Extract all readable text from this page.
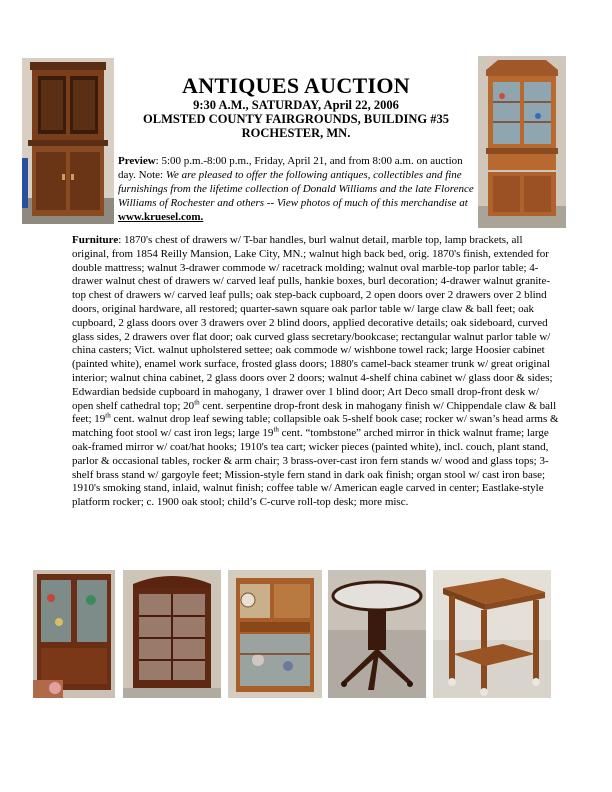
ANTIQUES AUCTION
9:30 A.M., SATURDAY, April 22, 2006
OLMSTED COUNTY FAIRGROUNDS, BUILDING #35
ROCHESTER, MN.
Preview: 5:00 p.m.-8:00 p.m., Friday, April 21, and from 8:00 a.m. on auction day. Note: We are pleased to offer the following antiques, collectibles and fine furnishings from the lifetime collection of Donald Williams and the late Florence Williams of Rochester and others -- View photos of much of this merchandise at www.kruesel.com.
Furniture: 1870's chest of drawers w/ T-bar handles, burl walnut detail, marble top, lamp brackets, all original, from 1854 Reilly Mansion, Lake City, MN.; walnut high back bed, orig. 1870's finish, extended for double mattress; walnut 3-drawer commode w/ racetrack molding; walnut oval marble-top parlor table; 4-drawer walnut chest of drawers w/ carved leaf pulls, hankie boxes, burl decoration; 4-drawer walnut granite-top chest of drawers w/ carved leaf pulls; oak step-back cupboard, 2 open doors over 2 drawers over 2 blind doors, original hardware, all restored; quarter-sawn square oak parlor table w/ large claw & ball feet; oak cupboard, 2 glass doors over 3 drawers over 2 blind doors, applied decorative details; oak sideboard, curved glass sides, 2 drawers over flat door; oak curved glass secretary/bookcase; rectangular walnut parlor table w/ china casters; Vict. walnut upholstered settee; oak commode w/ wishbone towel rack; large Hoosier cabinet (painted white), enamel work surface, frosted glass doors; 1880's camel-back steamer trunk w/ great original interior; walnut china cabinet, 2 glass doors over 2 doors; walnut 4-shelf china cabinet w/ glass door & sides; Edwardian bedside cupboard in mahogany, 1 drawer over 1 blind door; Art Deco small drop-front desk w/ open shelf cathedral top; 20th cent. serpentine drop-front desk in mahogany finish w/ Chippendale claw & ball feet; 19th cent. walnut drop leaf sewing table; collapsible oak 5-shelf book case; rocker w/ swan’s head arms & matching foot stool w/ cast iron legs; large 19th cent. “tombstone” arched mirror in thick walnut frame; large oak-framed mirror w/ coat/hat hooks; 1910's tea cart; wicker pieces (painted white), incl. couch, plant stand, parlor & occasional tables, rocker & arm chair; 3 brass-over-cast iron fern stands w/ wood and glass tops; 3-shelf brass stand w/ gargoyle feet; Mission-style fern stand in dark oak finish; organ stool w/ cast iron base; 1910's smoking stand, inlaid, walnut finish; coffee table w/ American eagle carved in center; Eastlake-style platform rocker; c. 1900 oak stool; child’s C-curve roll-top desk; more misc.
